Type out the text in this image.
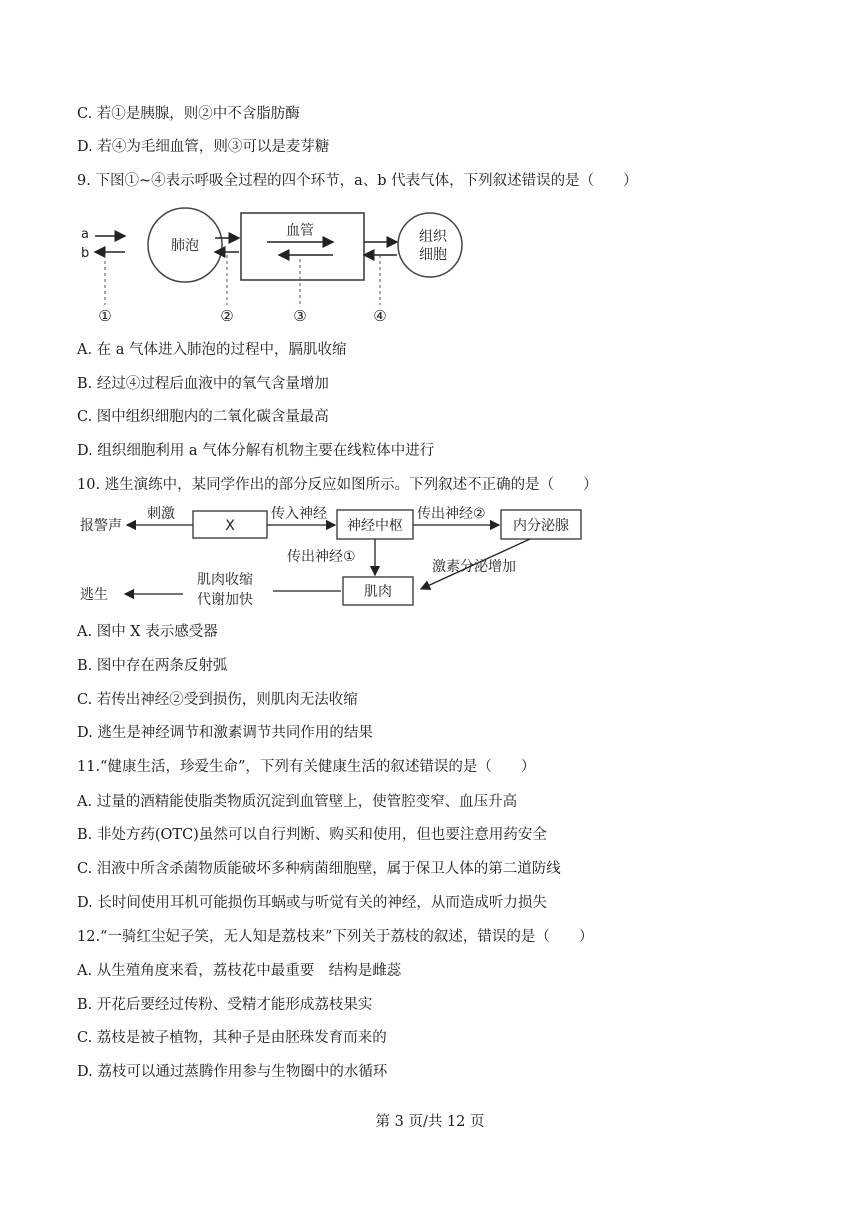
C. 若①是胰腺，则②中不含脂肪酶
D. 若④为毛细血管，则③可以是麦芽糖
9. 下图①~④表示呼吸全过程的四个环节，a、b 代表气体，下列叙述错误的是（　　）
a
b	肺泡
血管	组织
细胞
①	②	③	④
A. 在 a 气体进入肺泡的过程中，膈肌收缩
B. 经过④过程后血液中的氧气含量增加
C. 图中组织细胞内的二氧化碳含量最高
D. 组织细胞利用 a 气体分解有机物主要在线粒体中进行
10. 逃生演练中，某同学作出的部分反应如图所示。下列叙述不正确的是（　　）
报警声
刺激
X
传入神经
神经中枢
传出神经②
内分泌腺
传出神经①
激素分泌增加
肌肉
肌肉收缩
代谢加快
逃生
A. 图中 X 表示感受器
B. 图中存在两条反射弧
C. 若传出神经②受到损伤，则肌肉无法收缩
D. 逃生是神经调节和激素调节共同作用的结果
11.“健康生活，珍爱生命”，下列有关健康生活的叙述错误的是（　　）
A. 过量的酒精能使脂类物质沉淀到血管壁上，使管腔变窄、血压升高
B. 非处方药(OTC)虽然可以自行判断、购买和使用，但也要注意用药安全
C. 泪液中所含杀菌物质能破坏多种病菌细胞壁，属于保卫人体的第二道防线
D. 长时间使用耳机可能损伤耳蜗或与听觉有关的神经，从而造成听力损失
12.“一骑红尘妃子笑，无人知是荔枝来”下列关于荔枝的叙述，错误的是（　　）
A. 从生殖角度来看，荔枝花中最重要　结构是雌蕊
B. 开花后要经过传粉、受精才能形成荔枝果实
C. 荔枝是被子植物，其种子是由胚珠发育而来的
D. 荔枝可以通过蒸腾作用参与生物圈中的水循环
第 3 页/共 12 页
